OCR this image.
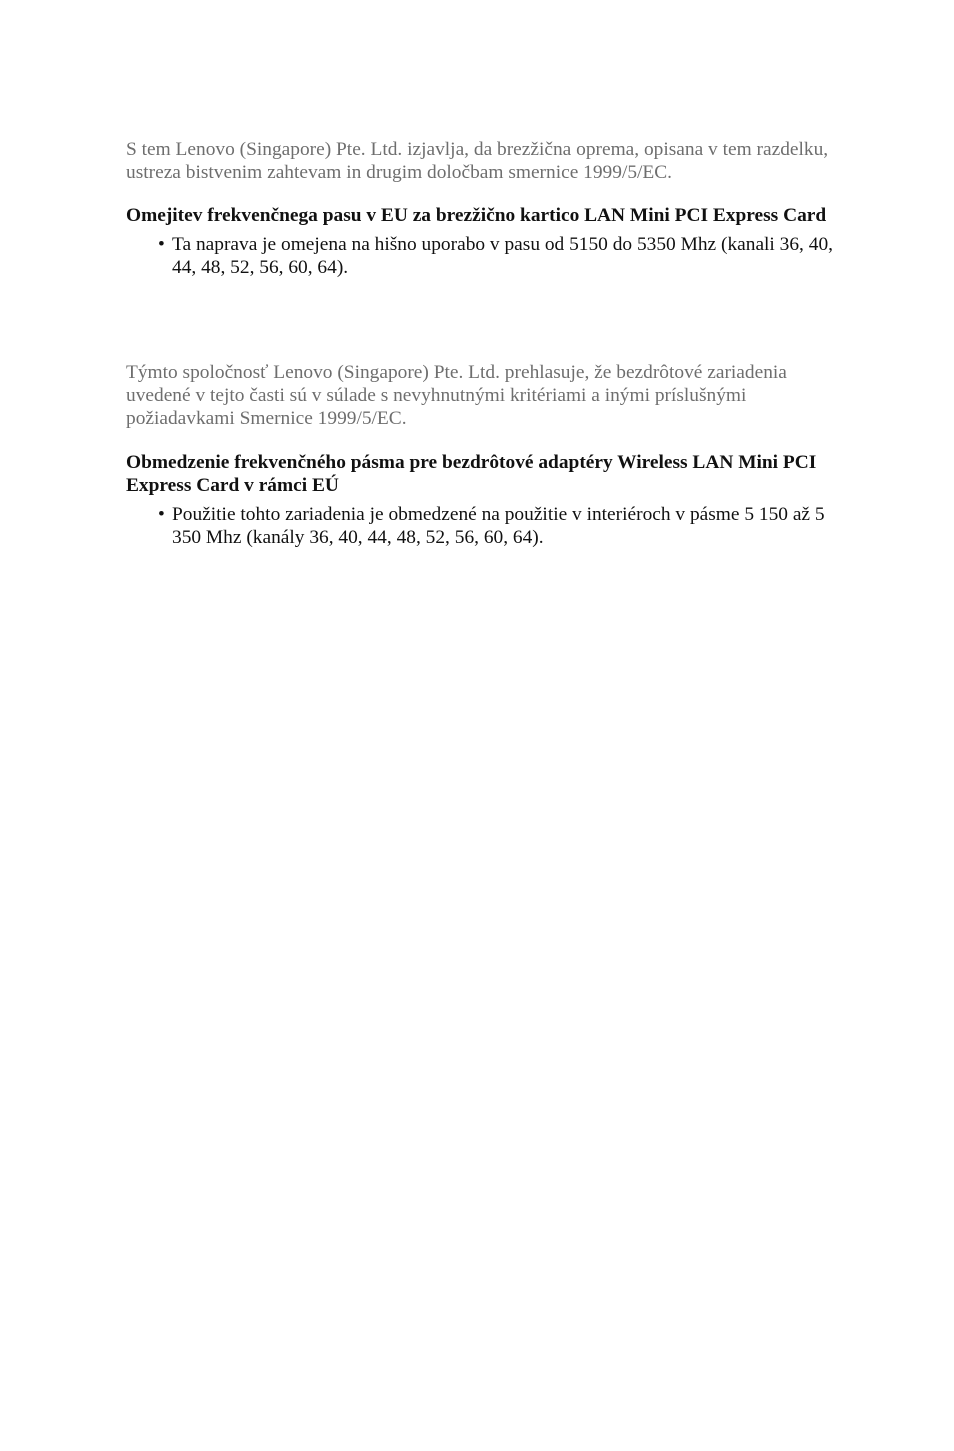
S tem Lenovo (Singapore) Pte. Ltd. izjavlja, da brezžična oprema, opisana v tem razdelku, ustreza bistvenim zahtevam in drugim določbam smernice 1999/5/EC.

Omejitev frekvenčnega pasu v EU za brezžično kartico LAN Mini PCI Express Card

• Ta naprava je omejena na hišno uporabo v pasu od 5150 do 5350 Mhz (kanali 36, 40, 44, 48, 52, 56, 60, 64).

Týmto spoločnosť Lenovo (Singapore) Pte. Ltd. prehlasuje, že bezdrôtové zariadenia uvedené v tejto časti sú v súlade s nevyhnutnými kritériami a inými príslušnými požiadavkami Smernice 1999/5/EC.

Obmedzenie frekvenčného pásma pre bezdrôtové adaptéry Wireless LAN Mini PCI Express Card v rámci EÚ

• Použitie tohto zariadenia je obmedzené na použitie v interiéroch v pásme 5 150 až 5 350 Mhz (kanály 36, 40, 44, 48, 52, 56, 60, 64).
